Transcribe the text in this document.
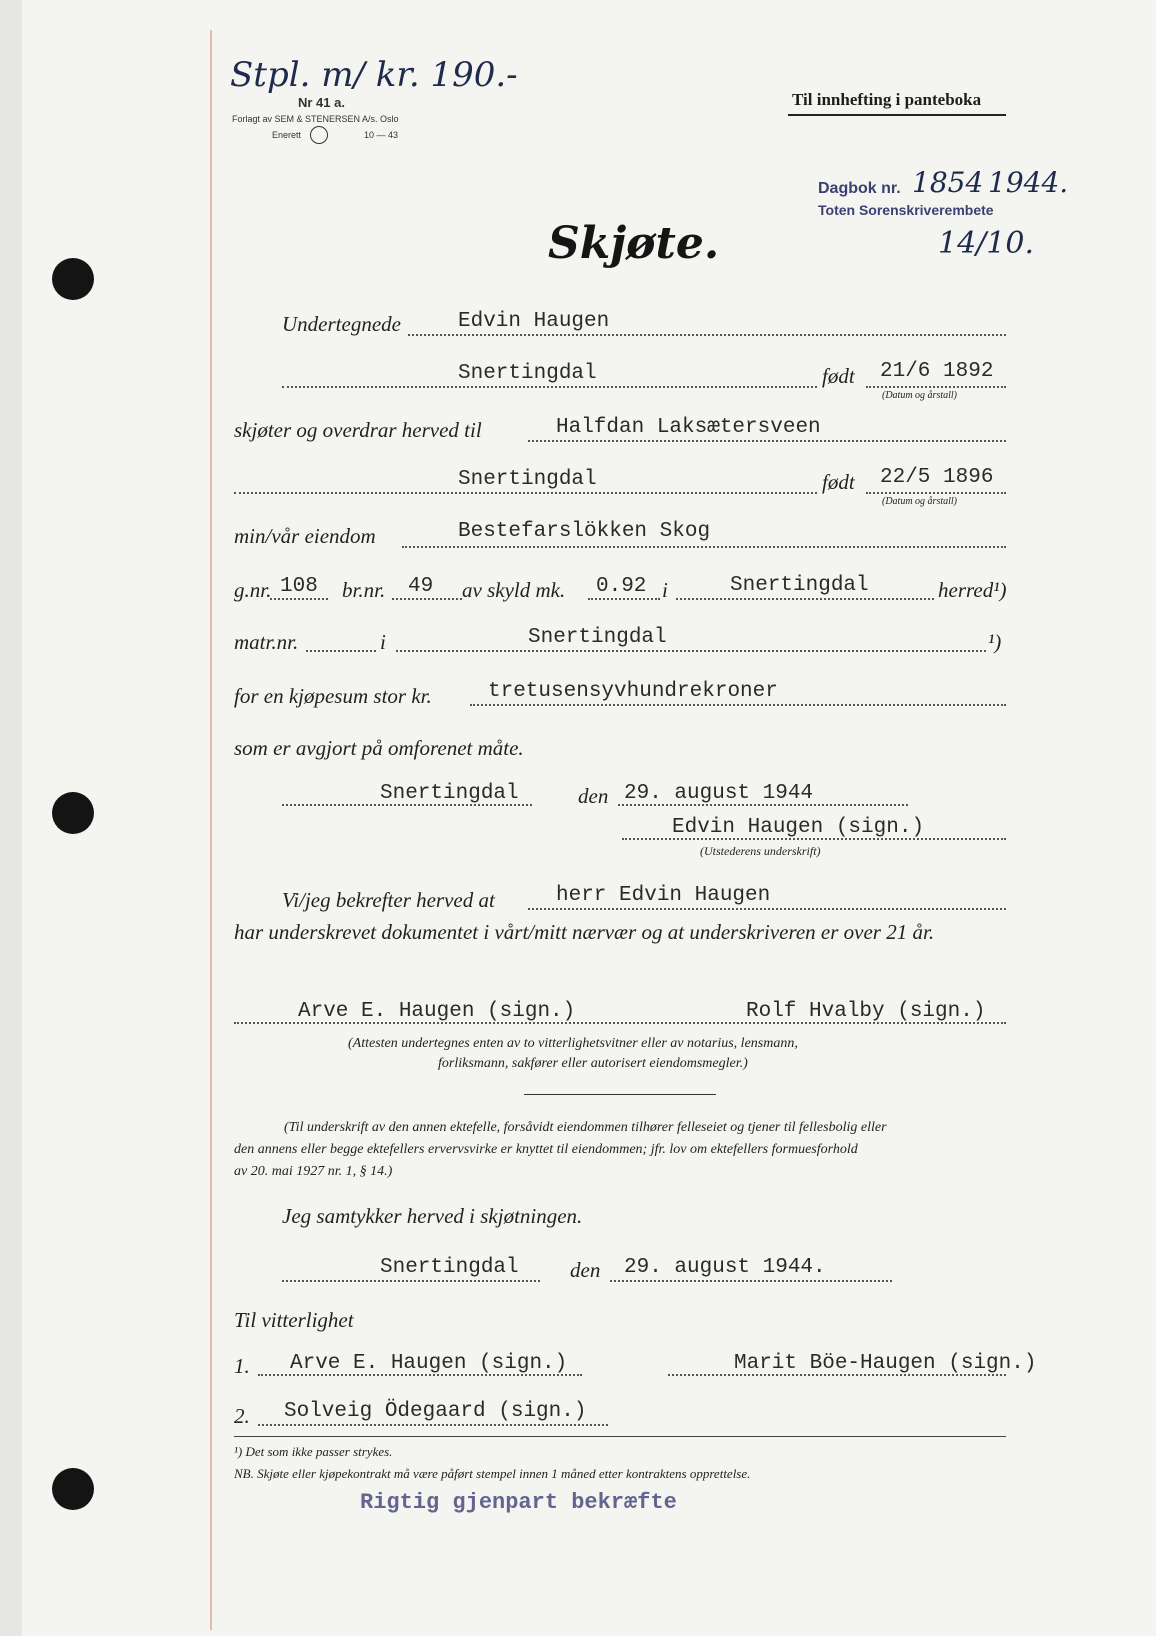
Stpl. m/ kr. 190.-
Nr 41 a.
Forlagt av SEM & STENERSEN A/s. Oslo
Enerett	10 — 43
Til innhefting i panteboka
Dagbok nr. 1854 1944.
Toten Sorenskriverembete
14/10.
Skjøte.
Undertegnede	Edvin Haugen
Snertingdal	født 21/6 1892
(Datum og årstall)
skjøter og overdrar herved til	Halfdan Laksætersveen
Snertingdal	født 22/5 1896
(Datum og årstall)
min/vår eiendom	Bestefarslökken Skog
g.nr. 108 br.nr. 49 av skyld mk. 0.92 i	Snertingdal	herred¹)
matr.nr.	i	Snertingdal	¹)
for en kjøpesum stor kr.	tretusensyvhundrekroner
som er avgjort på omforenet måte.
Snertingdal	den 29. august 1944
Edvin Haugen (sign.)
(Utstederens underskrift)
Vi/jeg bekrefter herved at	herr Edvin Haugen
har underskrevet dokumentet i vårt/mitt nærvær og at underskriveren er over 21 år.
Arve E. Haugen (sign.)	Rolf Hvalby (sign.)
(Attesten undertegnes enten av to vitterlighetsvitner eller av notarius, lensmann,
forliksmann, sakfører eller autorisert eiendomsmegler.)
(Til underskrift av den annen ektefelle, forsåvidt eiendommen tilhører felleseiet og tjener til fellesbolig eller
den annens eller begge ektefellers ervervsvirke er knyttet til eiendommen; jfr. lov om ektefellers formuesforhold
av 20. mai 1927 nr. 1, § 14.)
Jeg samtykker herved i skjøtningen.
Snertingdal den 29. august 1944.
Til vitterlighet
1. Arve E. Haugen (sign.)	Marit Böe-Haugen (sign.)
2. Solveig Ödegaard (sign.)
¹) Det som ikke passer strykes.
NB. Skjøte eller kjøpekontrakt må være påført stempel innen 1 måned etter kontraktens opprettelse.
Rigtig gjenpart bekræfte
